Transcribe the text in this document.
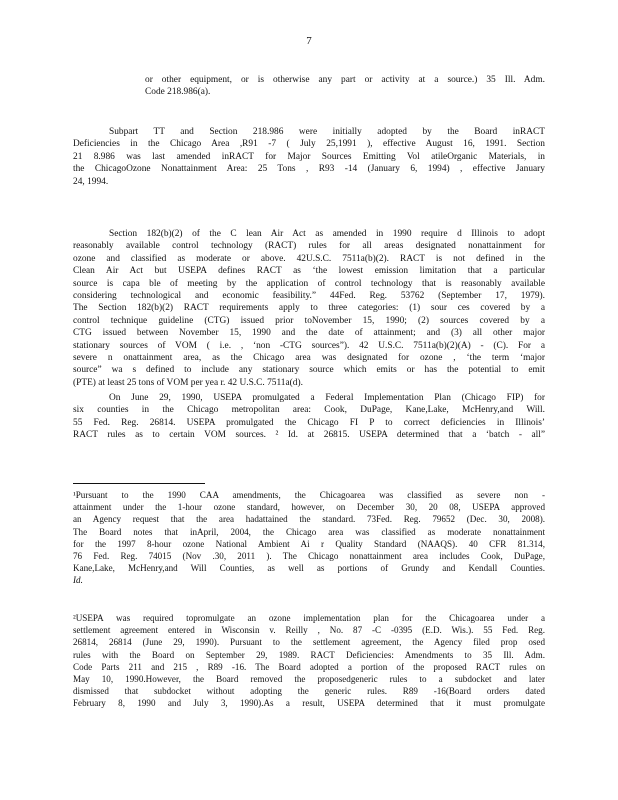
7
or other equipment, or is otherwise any part or activity at a source.) 35 Ill. Adm.
Code 218.986(a).
Subpart TT and Section 218.986 were initially adopted by the Board inRACT
Deficiencies in the Chicago Area ,R91 -7 ( July 25,1991 ), effective August 16, 1991. Section
21 8.986 was last amended inRACT for Major Sources Emitting Vol atileOrganic Materials, in
the ChicagoOzone Nonattainment Area: 25 Tons , R93 -14 (January 6, 1994) , effective January
24, 1994.
Section 182(b)(2) of the C lean Air Act as amended in 1990 require d Illinois to adopt
reasonably available control technology (RACT) rules for all areas designated nonattainment for
ozone and classified as moderate or above. 42U.S.C. 7511a(b)(2). RACT is not defined in the
Clean Air Act but USEPA defines RACT as ‘the lowest emission limitation that a particular
source is capa ble of meeting by the application of control technology that is reasonably available
considering technological and economic feasibility.” 44Fed. Reg. 53762 (September 17, 1979).
The Section 182(b)(2) RACT requirements apply to three categories: (1) sour ces covered by a
control technique guideline (CTG) issued prior toNovember 15, 1990; (2) sources covered by a
CTG issued between November 15, 1990 and the date of attainment; and (3) all other major
stationary sources of VOM ( i.e. , ‘non -CTG sources”). 42 U.S.C. 7511a(b)(2)(A) - (C). For a
severe n onattainment area, as the Chicago area was designated for ozone , ‘the term ‘major
source” wa s defined to include any stationary source which emits or has the potential to emit
(PTE) at least 25 tons of VOM per yea r. 42 U.S.C. 7511a(d).
On June 29, 1990, USEPA promulgated a Federal Implementation Plan (Chicago FIP) for
six counties in the Chicago metropolitan area: Cook, DuPage, Kane,Lake, McHenry,and Will.
55 Fed. Reg. 26814. USEPA promulgated the Chicago FI P to correct deficiencies in Illinois’
RACT rules as to certain VOM sources. ² Id. at 26815. USEPA determined that a ‘batch - all”
¹Pursuant to the 1990 CAA amendments, the Chicagoarea was classified as severe non -
attainment under the 1-hour ozone standard, however, on December 30, 20 08, USEPA approved
an Agency request that the area hadattained the standard. 73Fed. Reg. 79652 (Dec. 30, 2008).
The Board notes that inApril, 2004, the Chicago area was classified as moderate nonattainment
for the 1997 8-hour ozone National Ambient Ai r Quality Standard (NAAQS). 40 CFR 81.314,
76 Fed. Reg. 74015 (Nov .30, 2011 ). The Chicago nonattainment area includes Cook, DuPage,
Kane,Lake, McHenry,and Will Counties, as well as portions of Grundy and Kendall Counties.
Id.
²USEPA was required topromulgate an ozone implementation plan for the Chicagoarea under a
settlement agreement entered in Wisconsin v. Reilly , No. 87 -C -0395 (E.D. Wis.). 55 Fed. Reg.
26814, 26814 (June 29, 1990). Pursuant to the settlement agreement, the Agency filed prop osed
rules with the Board on September 29, 1989. RACT Deficiencies: Amendments to 35 Ill. Adm.
Code Parts 211 and 215 , R89 -16. The Board adopted a portion of the proposed RACT rules on
May 10, 1990.However, the Board removed the proposedgeneric rules to a subdocket and later
dismissed that subdocket without adopting the generic rules. R89 -16(Board orders dated
February 8, 1990 and July 3, 1990).As a result, USEPA determined that it must promulgate
